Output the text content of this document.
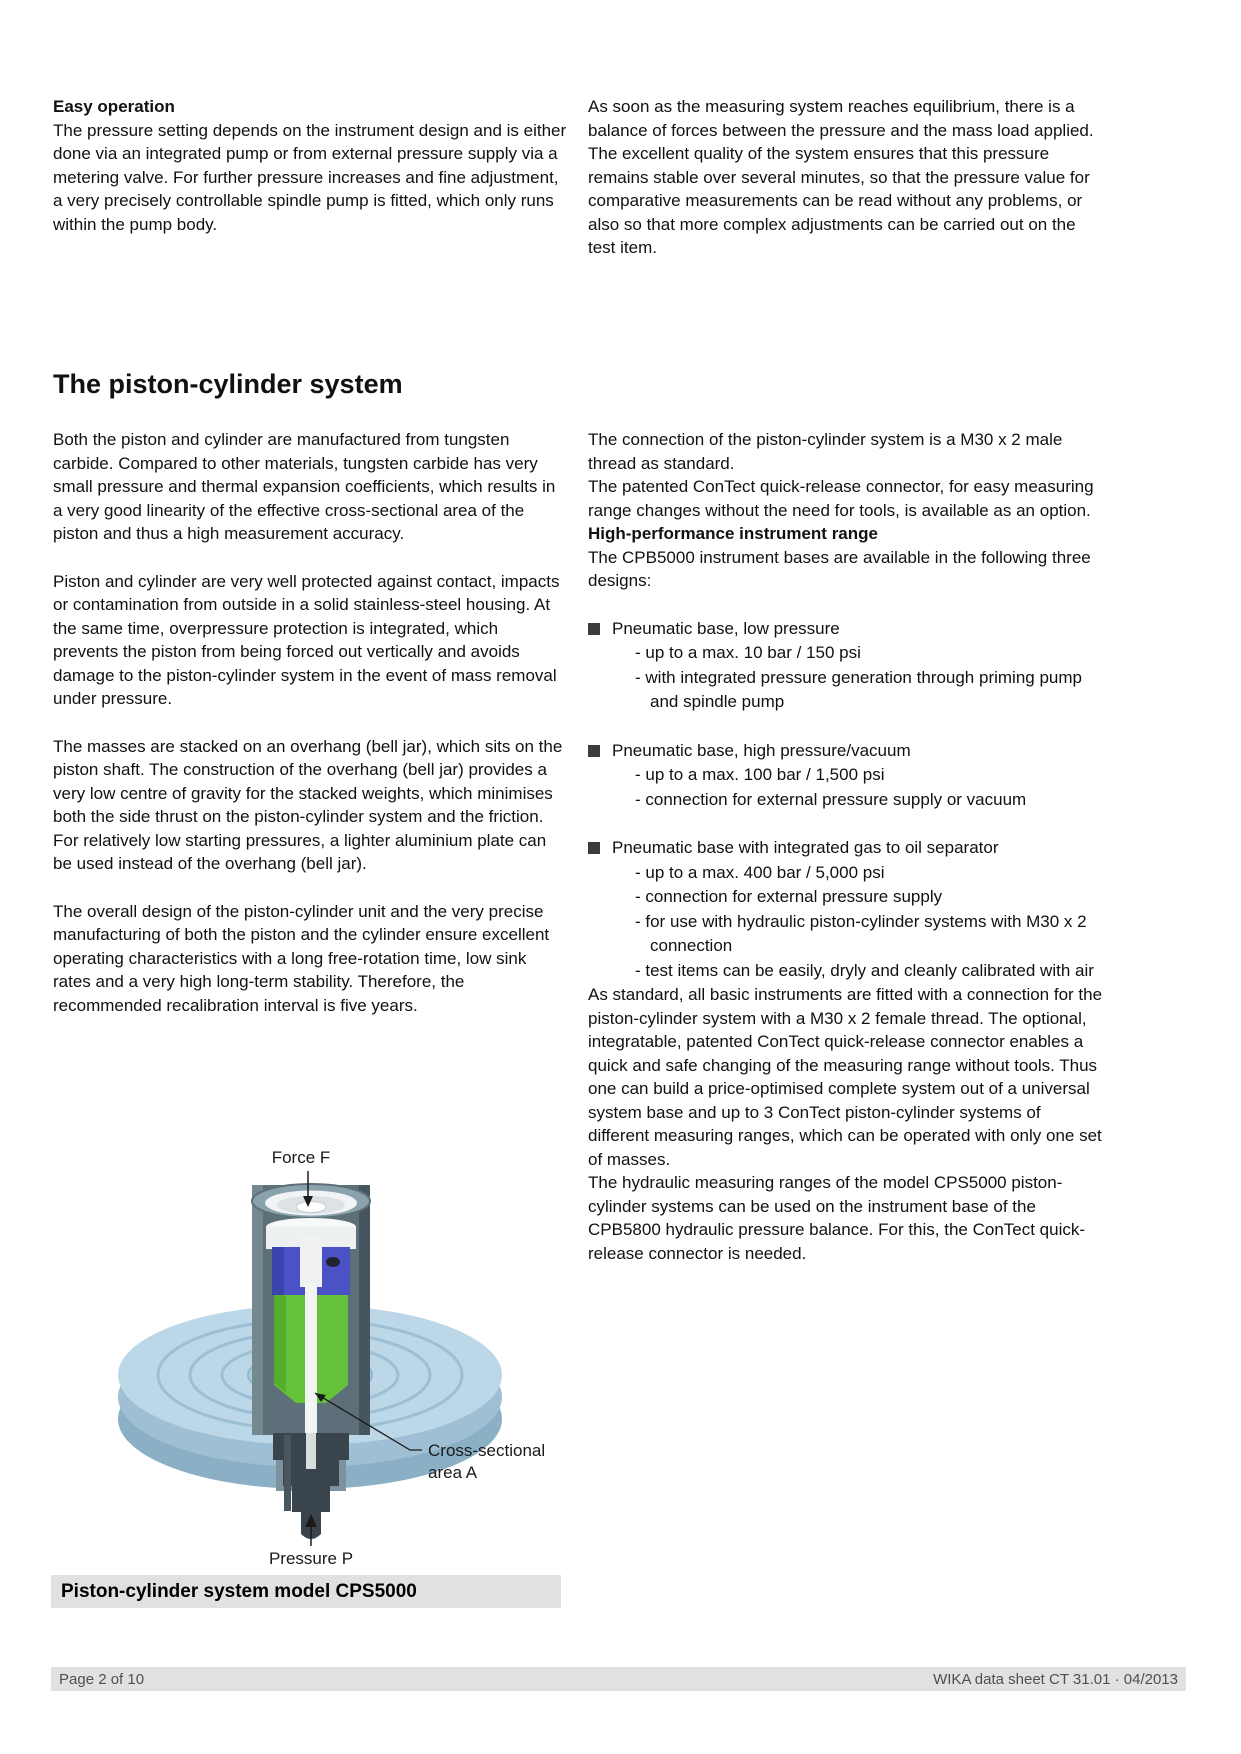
Easy operation

The pressure setting depends on the instrument design and is either done via an integrated pump or from external pressure supply via a metering valve. For further pressure increases and fine adjustment, a very precisely controllable spindle pump is fitted, which only runs within the pump body.

As soon as the measuring system reaches equilibrium, there is a balance of forces between the pressure and the mass load applied. The excellent quality of the system ensures that this pressure remains stable over several minutes, so that the pressure value for comparative measurements can be read without any problems, or also so that more complex adjustments can be carried out on the test item.

The piston-cylinder system

Both the piston and cylinder are manufactured from tungsten carbide. Compared to other materials, tungsten carbide has very small pressure and thermal expansion coefficients, which results in a very good linearity of the effective cross-sectional area of the piston and thus a high measurement accuracy.

Piston and cylinder are very well protected against contact, impacts or contamination from outside in a solid stainless-steel housing. At the same time, overpressure protection is integrated, which prevents the piston from being forced out vertically and avoids damage to the piston-cylinder system in the event of mass removal under pressure.

The masses are stacked on an overhang (bell jar), which sits on the piston shaft. The construction of the overhang (bell jar) provides a very low centre of gravity for the stacked weights, which minimises both the side thrust on the piston-cylinder system and the friction. For relatively low starting pressures, a lighter aluminium plate can be used instead of the overhang (bell jar).

The overall design of the piston-cylinder unit and the very precise manufacturing of both the piston and the cylinder ensure excellent operating characteristics with a long free-rotation time, low sink rates and a very high long-term stability. Therefore, the recommended recalibration interval is five years.

The connection of the piston-cylinder system is a M30 x 2 male thread as standard.

The patented ConTect quick-release connector, for easy measuring range changes without the need for tools, is available as an option.

High-performance instrument range

The CPB5000 instrument bases are available in the following three designs:

Pneumatic base, low pressure
- up to a max. 10 bar / 150 psi
- with integrated pressure generation through priming pump and spindle pump
Pneumatic base, high pressure/vacuum
- up to a max. 100 bar / 1,500 psi
- connection for external pressure supply or vacuum
Pneumatic base with integrated gas to oil separator
- up to a max. 400 bar / 5,000 psi
- connection for external pressure supply
- for use with hydraulic piston-cylinder systems with M30 x 2 connection
- test items can be easily, dryly and cleanly calibrated with air

As standard, all basic instruments are fitted with a connection for the piston-cylinder system with a M30 x 2 female thread. The optional, integratable, patented ConTect quick-release connector enables a quick and safe changing of the measuring range without tools. Thus one can build a price-optimised complete system out of a universal system base and up to 3 ConTect piston-cylinder systems of different measuring ranges, which can be operated with only one set of masses.

The hydraulic measuring ranges of the model CPS5000 piston-cylinder systems can be used on the instrument base of the CPB5800 hydraulic pressure balance. For this, the ConTect quick-release connector is needed.

Force F
Cross-sectional
area A
Pressure P
Piston-cylinder system model CPS5000
Page 2 of 10	WIKA data sheet CT 31.01 · 04/2013
